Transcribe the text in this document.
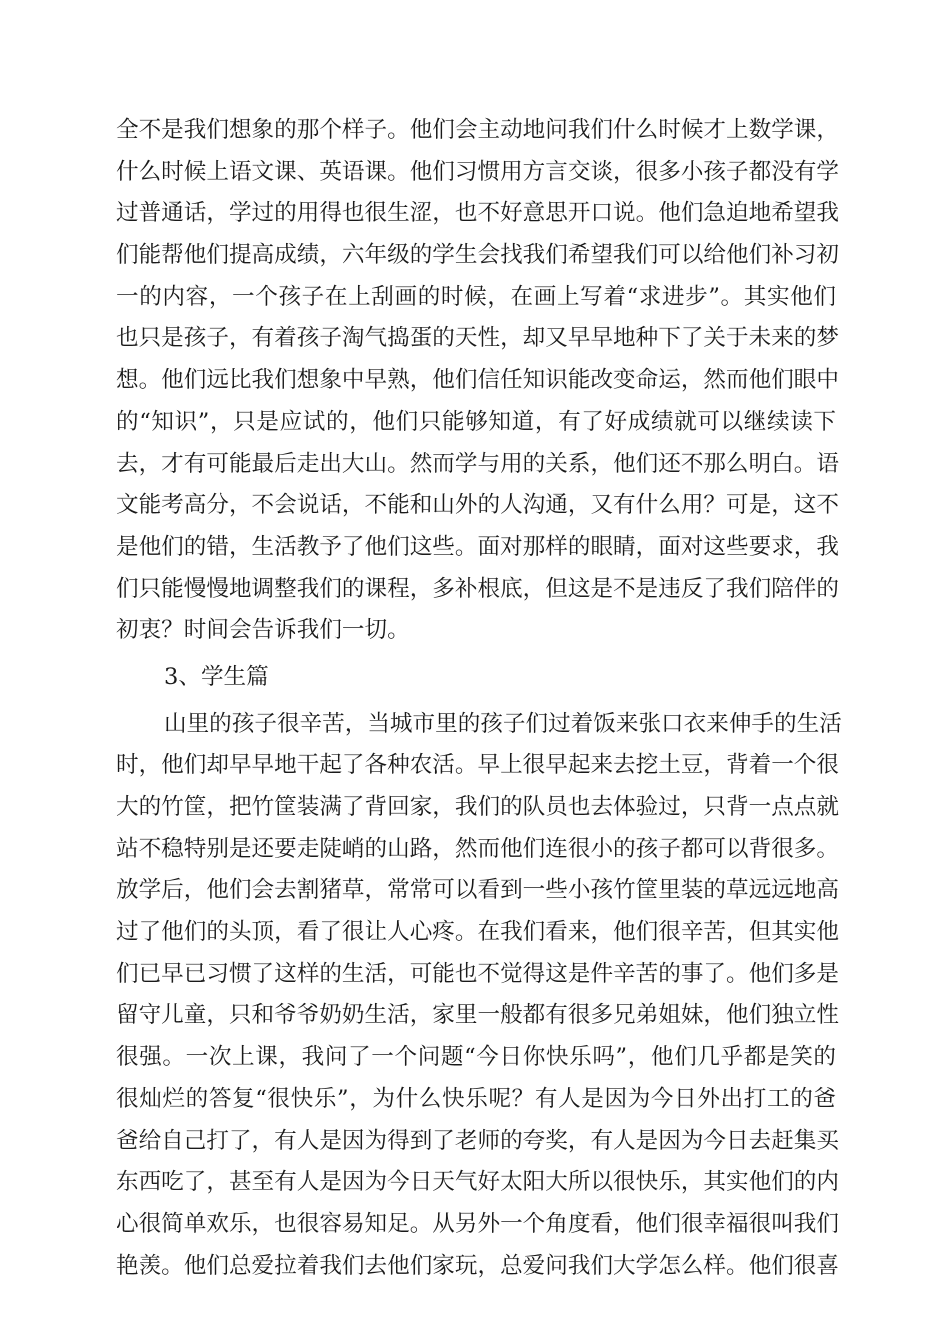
全不是我们想象的那个样子。他们会主动地问我们什么时候才上数学课，
什么时候上语文课、英语课。他们习惯用方言交谈，很多小孩子都没有学
过普通话，学过的用得也很生涩，也不好意思开口说。他们急迫地希望我
们能帮他们提高成绩，六年级的学生会找我们希望我们可以给他们补习初
一的内容，一个孩子在上刮画的时候，在画上写着“求进步”。其实他们
也只是孩子，有着孩子淘气捣蛋的天性，却又早早地种下了关于未来的梦
想。他们远比我们想象中早熟，他们信任知识能改变命运，然而他们眼中
的“知识”，只是应试的，他们只能够知道，有了好成绩就可以继续读下
去，才有可能最后走出大山。然而学与用的关系，他们还不那么明白。语
文能考高分，不会说话，不能和山外的人沟通，又有什么用？可是，这不
是他们的错，生活教予了他们这些。面对那样的眼睛，面对这些要求，我
们只能慢慢地调整我们的课程，多补根底，但这是不是违反了我们陪伴的
初衷？时间会告诉我们一切。
3、学生篇
山里的孩子很辛苦，当城市里的孩子们过着饭来张口衣来伸手的生活
时，他们却早早地干起了各种农活。早上很早起来去挖土豆，背着一个很
大的竹筐，把竹筐装满了背回家，我们的队员也去体验过，只背一点点就
站不稳特别是还要走陡峭的山路，然而他们连很小的孩子都可以背很多。
放学后，他们会去割猪草，常常可以看到一些小孩竹筐里装的草远远地高
过了他们的头顶，看了很让人心疼。在我们看来，他们很辛苦，但其实他
们已早已习惯了这样的生活，可能也不觉得这是件辛苦的事了。他们多是
留守儿童，只和爷爷奶奶生活，家里一般都有很多兄弟姐妹，他们独立性
很强。一次上课，我问了一个问题“今日你快乐吗”，他们几乎都是笑的
很灿烂的答复“很快乐”，为什么快乐呢？有人是因为今日外出打工的爸
爸给自己打了，有人是因为得到了老师的夸奖，有人是因为今日去赶集买
东西吃了，甚至有人是因为今日天气好太阳大所以很快乐，其实他们的内
心很简单欢乐，也很容易知足。从另外一个角度看，他们很幸福很叫我们
艳羡。他们总爱拉着我们去他们家玩，总爱问我们大学怎么样。他们很喜
